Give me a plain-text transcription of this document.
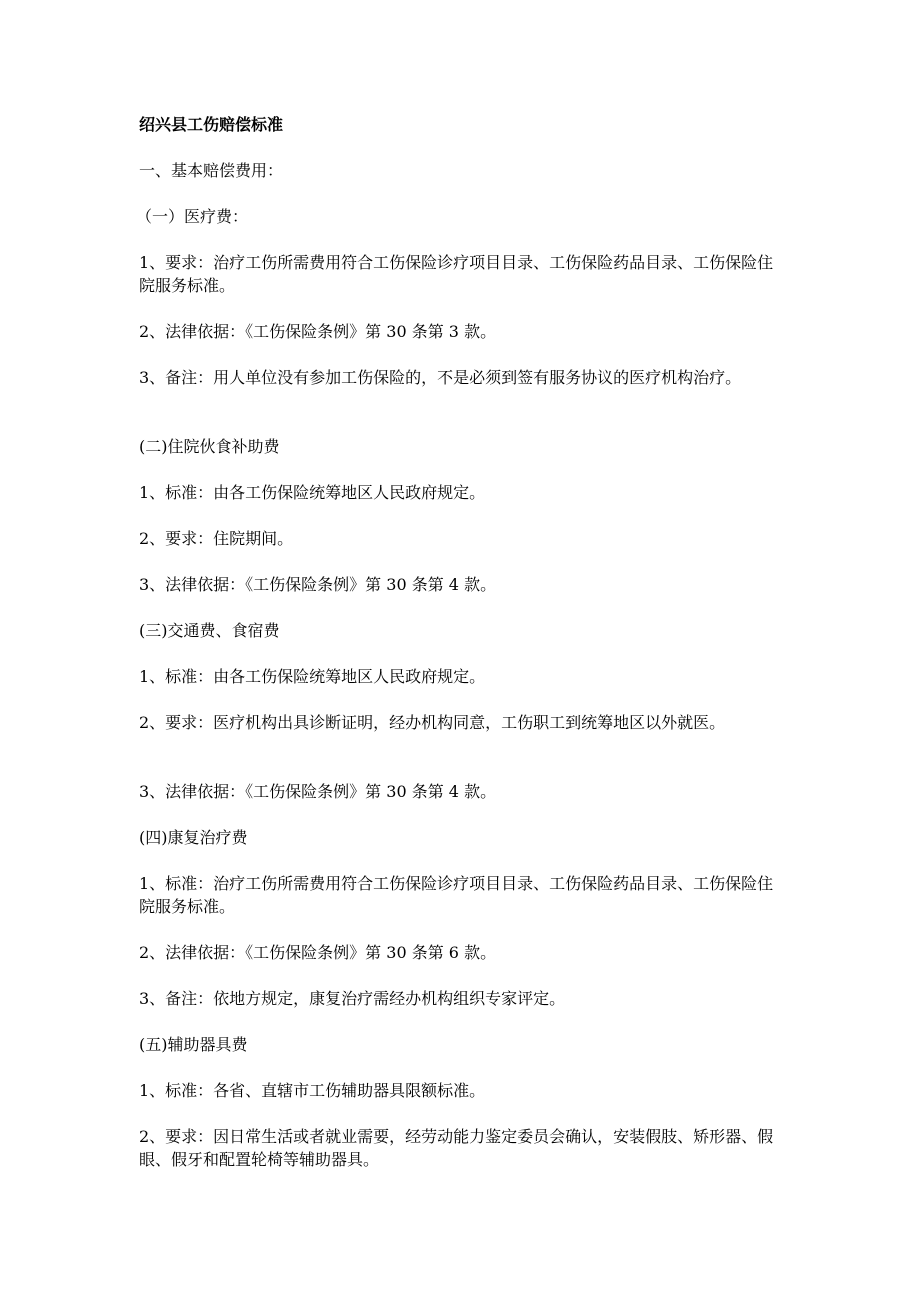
绍兴县工伤赔偿标准

一、基本赔偿费用：

（一）医疗费：

1、要求：治疗工伤所需费用符合工伤保险诊疗项目目录、工伤保险药品目录、工伤保险住院服务标准。

2、法律依据：《工伤保险条例》第 30 条第 3 款。

3、备注：用人单位没有参加工伤保险的，不是必须到签有服务协议的医疗机构治疗。

(二)住院伙食补助费

1、标准：由各工伤保险统筹地区人民政府规定。

2、要求：住院期间。

3、法律依据：《工伤保险条例》第 30 条第 4 款。

(三)交通费、食宿费

1、标准：由各工伤保险统筹地区人民政府规定。

2、要求：医疗机构出具诊断证明，经办机构同意，工伤职工到统筹地区以外就医。

3、法律依据：《工伤保险条例》第 30 条第 4 款。

(四)康复治疗费

1、标准：治疗工伤所需费用符合工伤保险诊疗项目目录、工伤保险药品目录、工伤保险住院服务标准。

2、法律依据：《工伤保险条例》第 30 条第 6 款。

3、备注：依地方规定，康复治疗需经办机构组织专家评定。

(五)辅助器具费

1、标准：各省、直辖市工伤辅助器具限额标准。

2、要求：因日常生活或者就业需要，经劳动能力鉴定委员会确认，安装假肢、矫形器、假眼、假牙和配置轮椅等辅助器具。
